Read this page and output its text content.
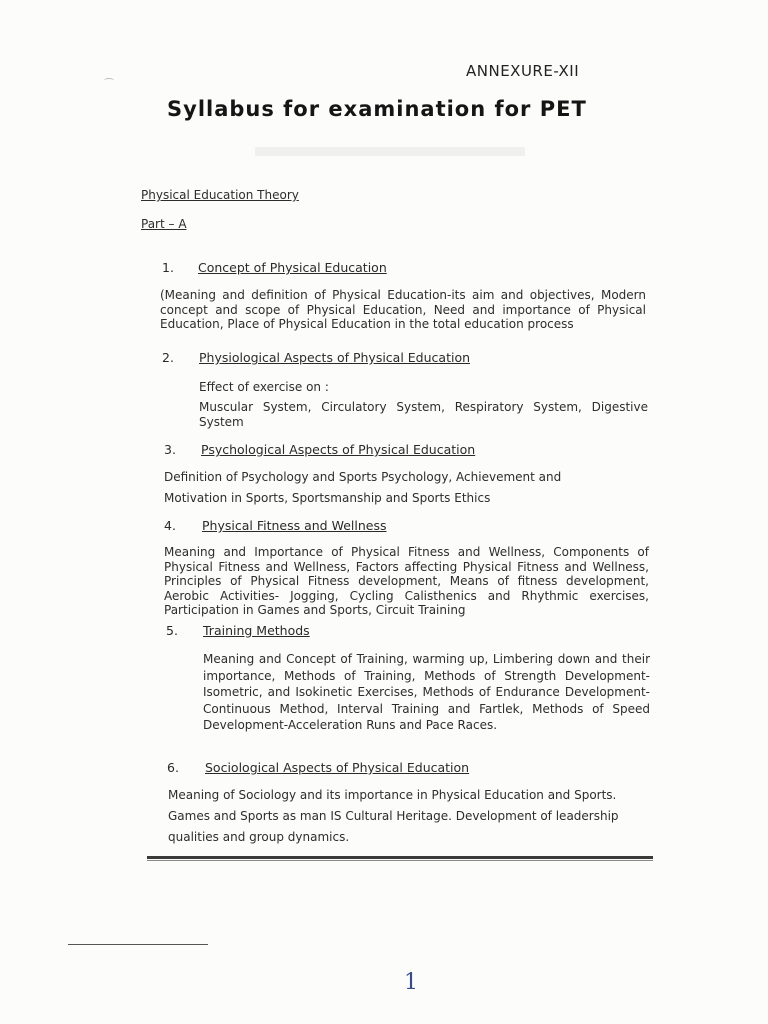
ANNEXURE-XII
Syllabus for examination for PET
Physical Education Theory
Part – A
1. Concept of Physical Education
(Meaning and definition of Physical Education-its aim and objectives, Modern concept and scope of Physical Education, Need and importance of Physical Education, Place of Physical Education in the total education process
2. Physiological Aspects of Physical Education
Effect of exercise on :
Muscular System, Circulatory System, Respiratory System, Digestive System
3. Psychological Aspects of Physical Education
Definition of Psychology and Sports Psychology, Achievement and Motivation in Sports, Sportsmanship and Sports Ethics
4. Physical Fitness and Wellness
Meaning and Importance of Physical Fitness and Wellness, Components of Physical Fitness and Wellness, Factors affecting Physical Fitness and Wellness, Principles of Physical Fitness development, Means of fitness development, Aerobic Activities- Jogging, Cycling Calisthenics and Rhythmic exercises, Participation in Games and Sports, Circuit Training
5. Training Methods
Meaning and Concept of Training, warming up, Limbering down and their importance, Methods of Training, Methods of Strength Development-Isometric, and Isokinetic Exercises, Methods of Endurance Development-Continuous Method, Interval Training and Fartlek, Methods of Speed Development-Acceleration Runs and Pace Races.
6. Sociological Aspects of Physical Education
Meaning of Sociology and its importance in Physical Education and Sports. Games and Sports as man IS Cultural Heritage. Development of leadership qualities and group dynamics.
1
